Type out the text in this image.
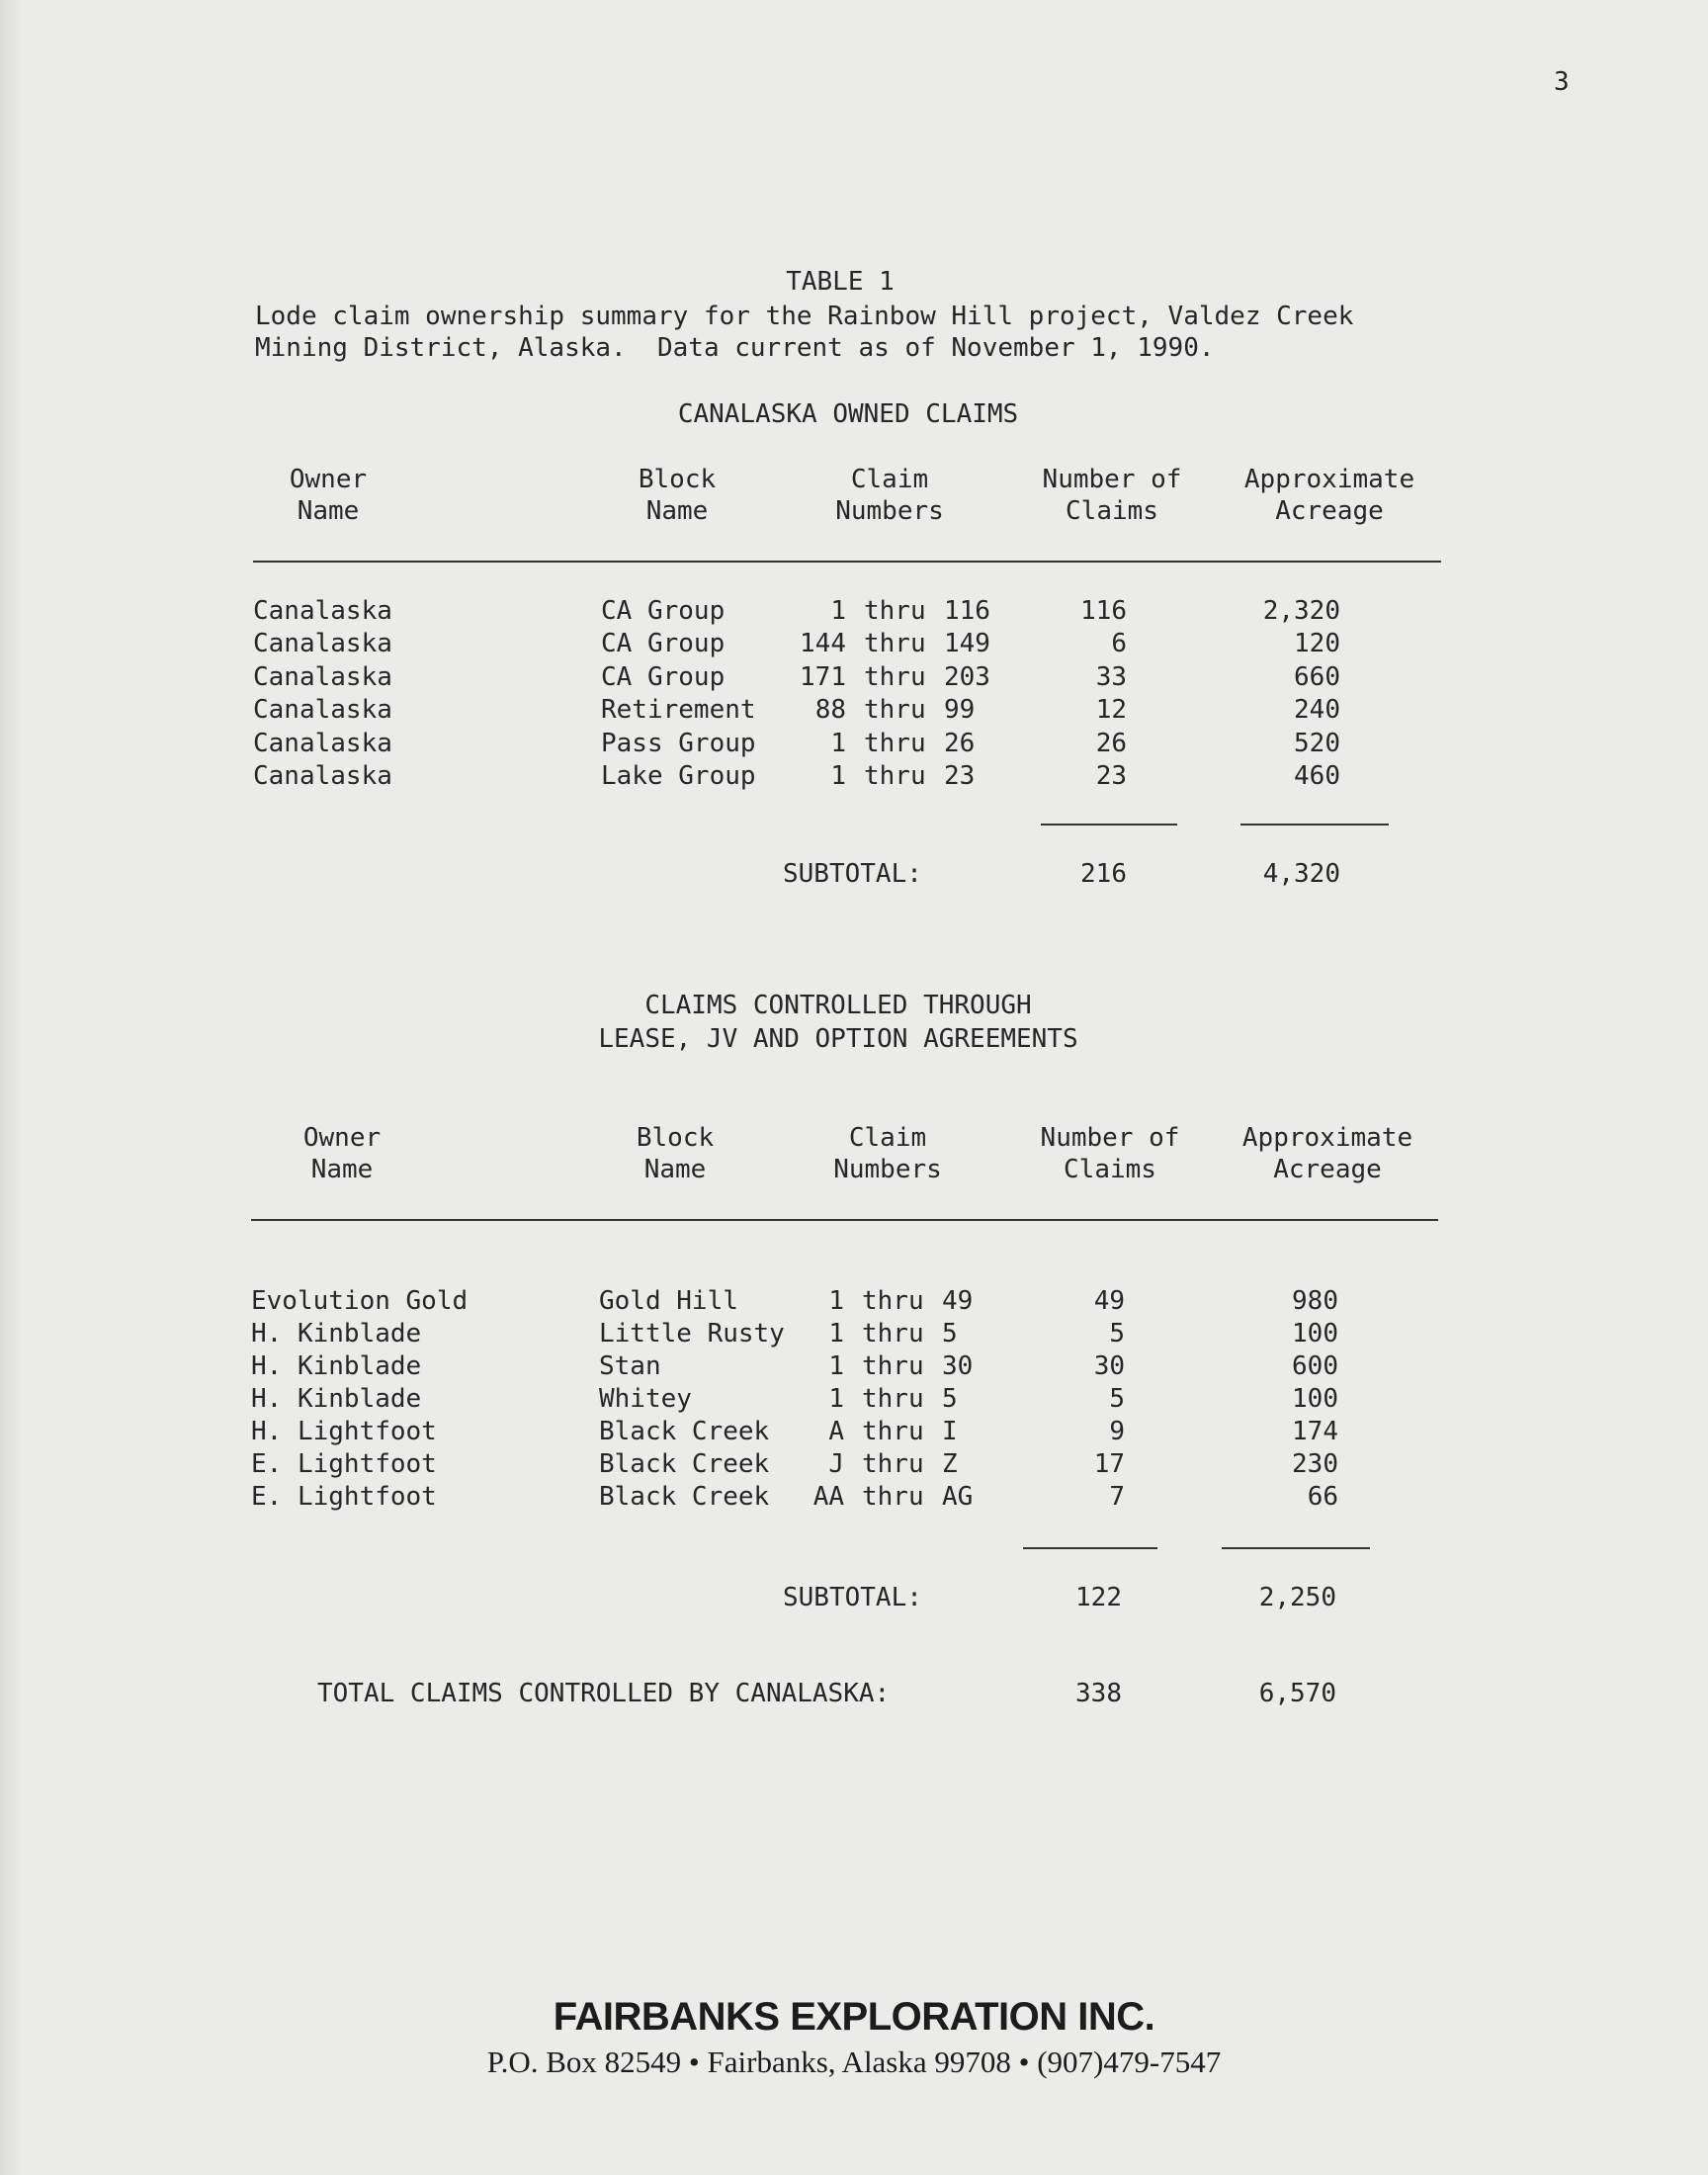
3
TABLE 1
Lode claim ownership summary for the Rainbow Hill project, Valdez Creek
Mining District, Alaska.  Data current as of November 1, 1990.
CANALASKA OWNED CLAIMS
Owner
Name
Block
Name
Claim
Numbers
Number of
Claims
Approximate
Acreage
Canalaska	CA Group	1 thru 116	116	2,320
Canalaska	CA Group	144 thru 149	6	120
Canalaska	CA Group	171 thru 203	33	660
Canalaska	Retirement	88 thru 99	12	240
Canalaska	Pass Group	1 thru 26	26	520
Canalaska	Lake Group	1 thru 23	23	460
SUBTOTAL:	216	4,320
CLAIMS CONTROLLED THROUGH
LEASE, JV AND OPTION AGREEMENTS
Owner
Name
Block
Name
Claim
Numbers
Number of
Claims
Approximate
Acreage
Evolution Gold	Gold Hill	1 thru 49	49	980
H. Kinblade	Little Rusty	1 thru 5	5	100
H. Kinblade	Stan	1 thru 30	30	600
H. Kinblade	Whitey	1 thru 5	5	100
H. Lightfoot	Black Creek	A thru I	9	174
E. Lightfoot	Black Creek	J thru Z	17	230
E. Lightfoot	Black Creek	AA thru AG	7	66
SUBTOTAL:	122	2,250
TOTAL CLAIMS CONTROLLED BY CANALASKA:	338	6,570
FAIRBANKS EXPLORATION INC.
P.O. Box 82549 • Fairbanks, Alaska 99708 • (907)479-7547
